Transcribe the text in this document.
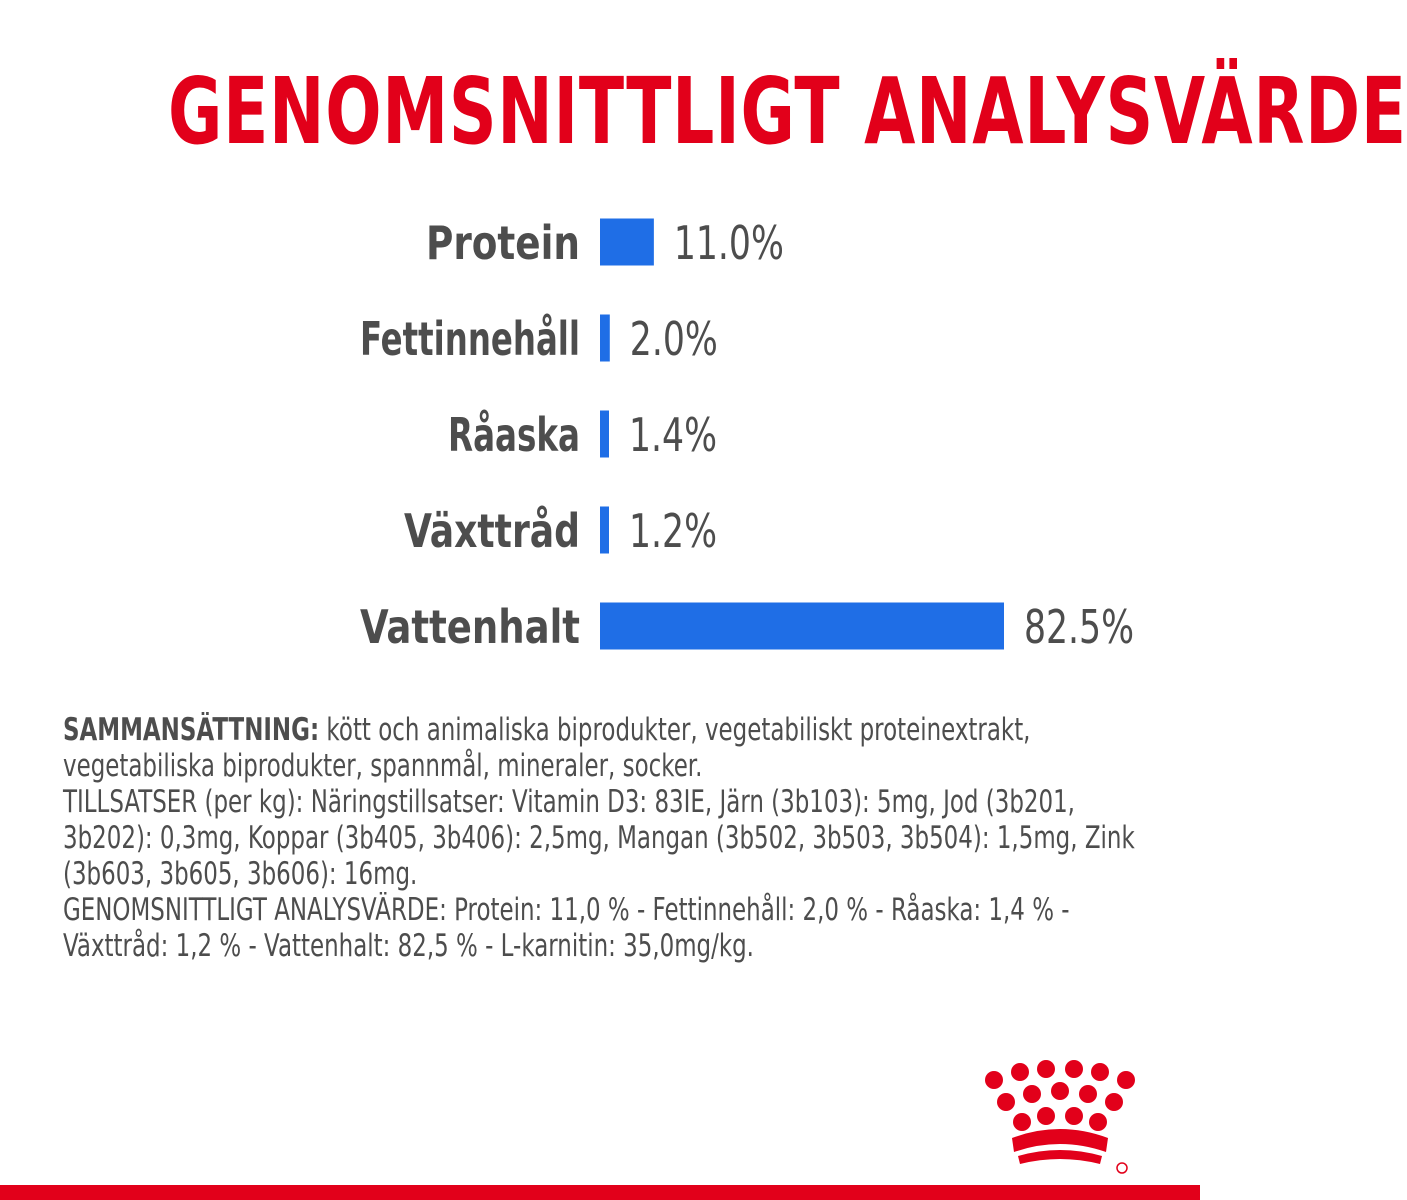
GENOMSNITTLIGT ANALYSVÄRDE
Protein 11.0%
Fettinnehåll 2.0%
Råaska 1.4%
Växttråd 1.2%
Vattenhalt	82.5%

SAMMANSÄTTNING: kött och animaliska biprodukter, vegetabiliskt proteinextrakt, vegetabiliska biprodukter, spannmål, mineraler, socker.

TILLSATSER (per kg): Näringstillsatser: Vitamin D3: 83IE, Järn (3b103): 5mg, Jod (3b201, 3b202): 0,3mg, Koppar (3b405, 3b406): 2,5mg, Mangan (3b502, 3b503, 3b504): 1,5mg, Zink (3b603, 3b605, 3b606): 16mg.

GENOMSNITTLIGT ANALYSVÄRDE: Protein: 11,0 % - Fettinnehåll: 2,0 % - Råaska: 1,4 % - Växttråd: 1,2 % - Vattenhalt: 82,5 % - L-karnitin: 35,0mg/kg.
